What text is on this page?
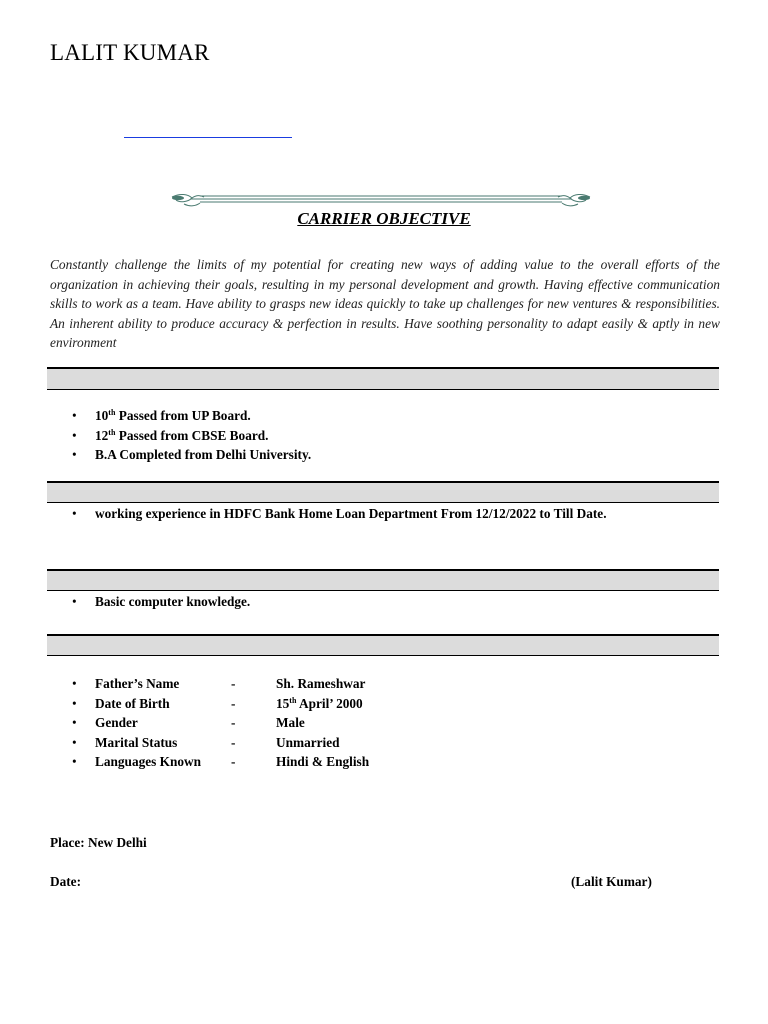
LALIT KUMAR
CARRIER OBJECTIVE
Constantly challenge the limits of my potential for creating new ways of adding value to the overall efforts of the organization in achieving their goals, resulting in my personal development and growth. Having effective communication skills to work as a team. Have ability to grasps new ideas quickly to take up challenges for new ventures & responsibilities. An inherent ability to produce accuracy & perfection in results. Have soothing personality to adapt easily & aptly in new environment
• 10th Passed from UP Board.
• 12th Passed from CBSE Board.
• B.A Completed from Delhi University.
• working experience in HDFC Bank Home Loan Department From 12/12/2022 to Till Date.
• Basic computer knowledge.
• Father’s Name	-	Sh. Rameshwar
• Date of Birth	-	15th April’ 2000
• Gender	-	Male
• Marital Status	-	Unmarried
• Languages Known -	Hindi & English
Place: New Delhi
Date:	(Lalit Kumar)
